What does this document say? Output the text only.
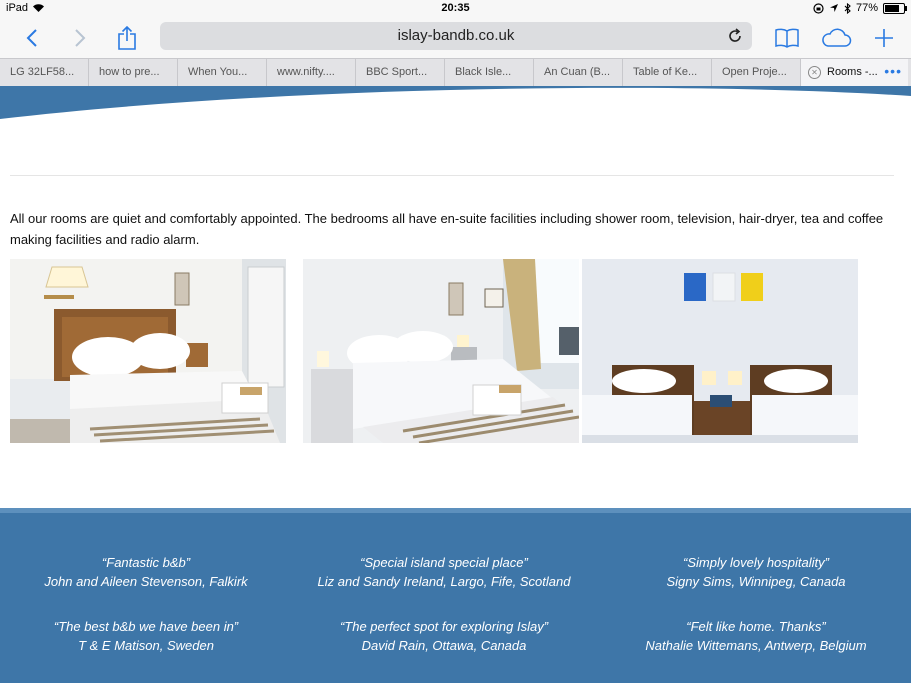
iPad	20:35	77%
islay-bandb.co.uk
LG 32LF58...	how to pre...	When You...	www.nifty....	BBC Sport...	Black Isle...	An Cuan (B...	Table of Ke...	Open Proje...	✕ Rooms -... •••
All our rooms are quiet and comfortably appointed. The bedrooms all have en-suite facilities including shower room, television, hair-dryer, tea and coffee making facilities and radio alarm.
“Fantastic b&b”
John and Aileen Stevenson, Falkirk
“The best b&b we have been in”
T & E Matison, Sweden
“Special island special place”
Liz and Sandy Ireland, Largo, Fife, Scotland
“The perfect spot for exploring Islay”
David Rain, Ottawa, Canada
“Simply lovely hospitality”
Signy Sims, Winnipeg, Canada
“Felt like home. Thanks”
Nathalie Wittemans, Antwerp, Belgium
